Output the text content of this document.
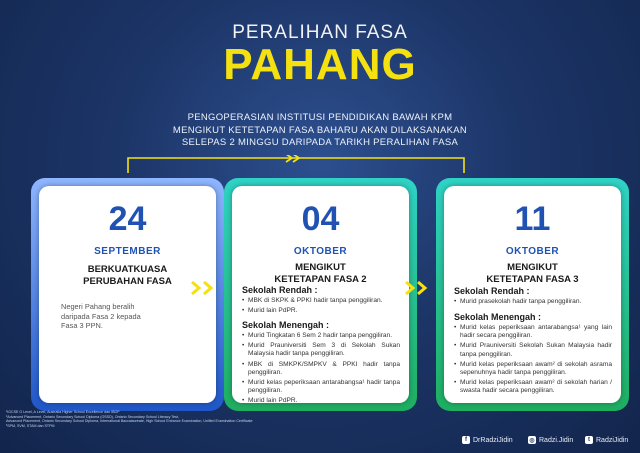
PERALIHAN FASA
PAHANG
PENGOPERASIAN INSTITUSI PENDIDIKAN BAWAH KPM
MENGIKUT KETETAPAN FASA BAHARU AKAN DILAKSANAKAN
SELEPAS 2 MINGGU DARIPADA TARIKH PERALIHAN FASA
24
SEPTEMBER
BERKUATKUASA
PERUBAHAN FASA
Negeri Pahang beralih
daripada Fasa 2 kepada
Fasa 3 PPN.
04
OKTOBER
MENGIKUT
KETETAPAN FASA 2
Sekolah Rendah :
• MBK di SKPK & PPKI hadir tanpa penggiliran.
• Murid lain PdPR.
Sekolah Menengah :
• Murid Tingkatan 6 Sem 2 hadir tanpa penggiliran.
• Murid Prauniversiti Sem 3 di Sekolah Sukan Malaysia hadir tanpa penggiliran.
• MBK di SMKPK/SMPKV & PPKI hadir tanpa penggiliran.
• Murid kelas peperiksaan antarabangsa¹ hadir tanpa penggiliran.
• Murid lain PdPR.
11
OKTOBER
MENGIKUT
KETETAPAN FASA 3
Sekolah Rendah :
• Murid prasekolah hadir tanpa penggiliran.
Sekolah Menengah :
• Murid kelas peperiksaan antarabangsa¹ yang lain hadir secara penggiliran.
• Murid Prauniversiti Sekolah Sukan Malaysia hadir tanpa penggiliran.
• Murid kelas peperiksaan awam² di sekolah asrama sepenuhnya hadir tanpa penggiliran.
• Murid kelas peperiksaan awam² di sekolah harian / swasta hadir secara penggiliran.
¹IGCSE O Level, A Level, Australia Higher School Excellence dan IBDP
²Advanced Placement, Ontario Secondary School Diploma (OSSD), Ontario Secondary School Literacy Test,
Advanced Placement, Ontario Secondary School Diploma, International Baccalaureate, High School Entrance Examination, Unified Examination Certificate
³SPM, SVM, STAM dan STPM
f DrRadziJidin	◎ Radzi.Jidin	t RadziJidin
